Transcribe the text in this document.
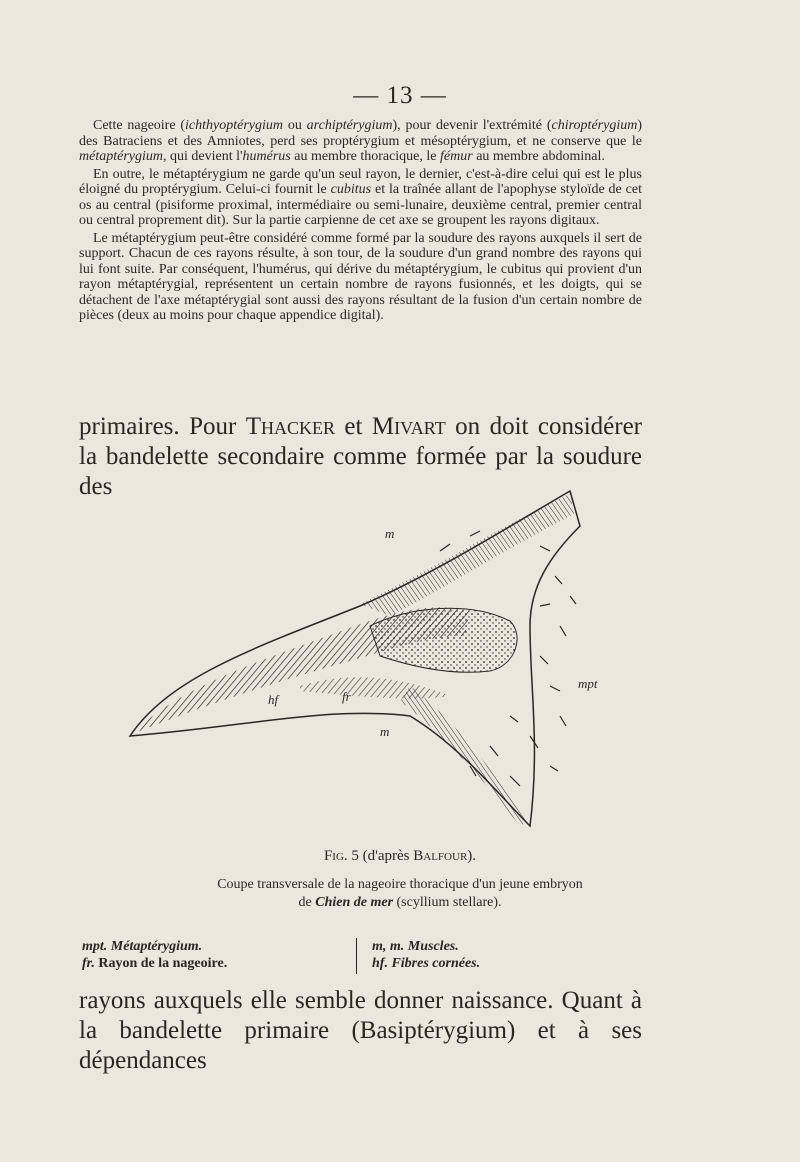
— 13 —

Cette nageoire (ichthyoptérygium ou archiptérygium), pour devenir l'extrémité (chiroptérygium) des Batraciens et des Amniotes, perd ses proptérygium et mésoptérygium, et ne conserve que le métaptérygium, qui devient l'humérus au membre thoracique, le fémur au membre abdominal.

En outre, le métaptérygium ne garde qu'un seul rayon, le dernier, c'est-à-dire celui qui est le plus éloigné du proptérygium. Celui-ci fournit le cubitus et la traînée allant de l'apophyse styloïde de cet os au central (pisiforme proximal, intermédiaire ou semi-lunaire, deuxième central, premier central ou central proprement dit). Sur la partie carpienne de cet axe se groupent les rayons digitaux.

Le métaptérygium peut-être considéré comme formé par la soudure des rayons auxquels il sert de support. Chacun de ces rayons résulte, à son tour, de la soudure d'un grand nombre des rayons qui lui font suite. Par conséquent, l'humérus, qui dérive du métaptérygium, le cubitus qui provient d'un rayon métaptérygial, représentent un certain nombre de rayons fusionnés, et les doigts, qui se détachent de l'axe métaptérygial sont aussi des rayons résultant de la fusion d'un certain nombre de pièces (deux au moins pour chaque appendice digital).

primaires. Pour Thacker et Mivart on doit considérer la bandelette secondaire comme formée par la soudure des
m
hf	fr
m
mpt
Fig. 5 (d'après Balfour).
Coupe transversale de la nageoire thoracique d'un jeune embryon
de Chien de mer (scyllium stellare).
mpt. Métaptérygium.
fr. Rayon de la nageoire.
m, m. Muscles.
hf. Fibres cornées.
rayons auxquels elle semble donner naissance. Quant à la bandelette primaire (Basiptérygium) et à ses dépendances
